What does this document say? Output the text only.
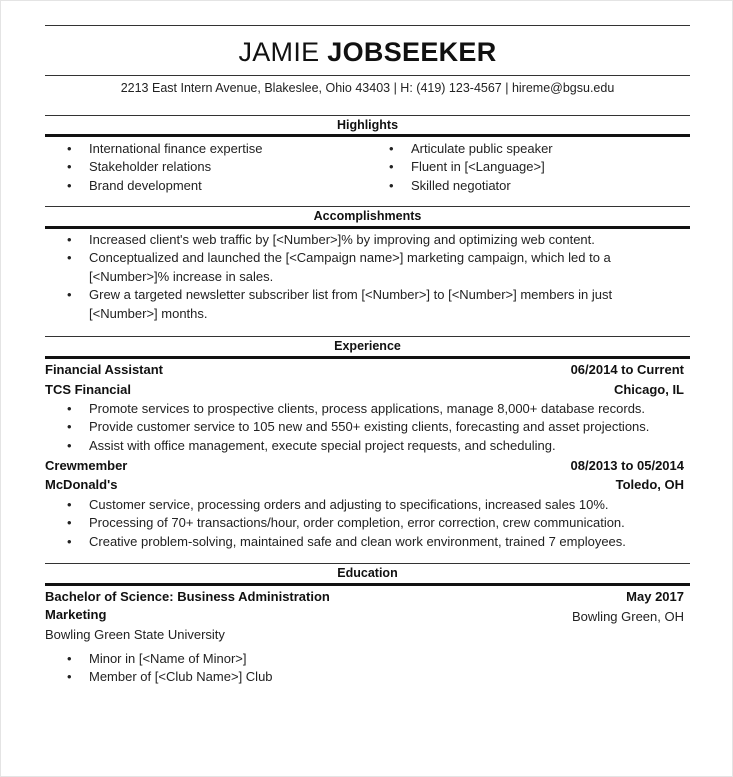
JAMIE JOBSEEKER
2213 East Intern Avenue, Blakeslee, Ohio 43403 | H: (419) 123-4567 | hireme@bgsu.edu
Highlights
• International finance expertise
• Stakeholder relations
• Brand development
• Articulate public speaker
• Fluent in [<Language>]
• Skilled negotiator
Accomplishments
• Increased client's web traffic by [<Number>]% by improving and optimizing web content.
• Conceptualized and launched the [<Campaign name>] marketing campaign, which led to a [<Number>]% increase in sales.
• Grew a targeted newsletter subscriber list from [<Number>] to [<Number>] members in just [<Number>] months.
Experience
Financial Assistant	06/2014 to Current
TCS Financial	Chicago, IL
• Promote services to prospective clients, process applications, manage 8,000+ database records.
• Provide customer service to 105 new and 550+ existing clients, forecasting and asset projections.
• Assist with office management, execute special project requests, and scheduling.
Crewmember	08/2013 to 05/2014
McDonald's	Toledo, OH
• Customer service, processing orders and adjusting to specifications, increased sales 10%.
• Processing of 70+ transactions/hour, order completion, error correction, crew communication.
• Creative problem-solving, maintained safe and clean work environment, trained 7 employees.
Education
Bachelor of Science: Business Administration	May 2017
Marketing	Bowling Green, OH
Bowling Green State University
• Minor in [<Name of Minor>]
• Member of [<Club Name>] Club
